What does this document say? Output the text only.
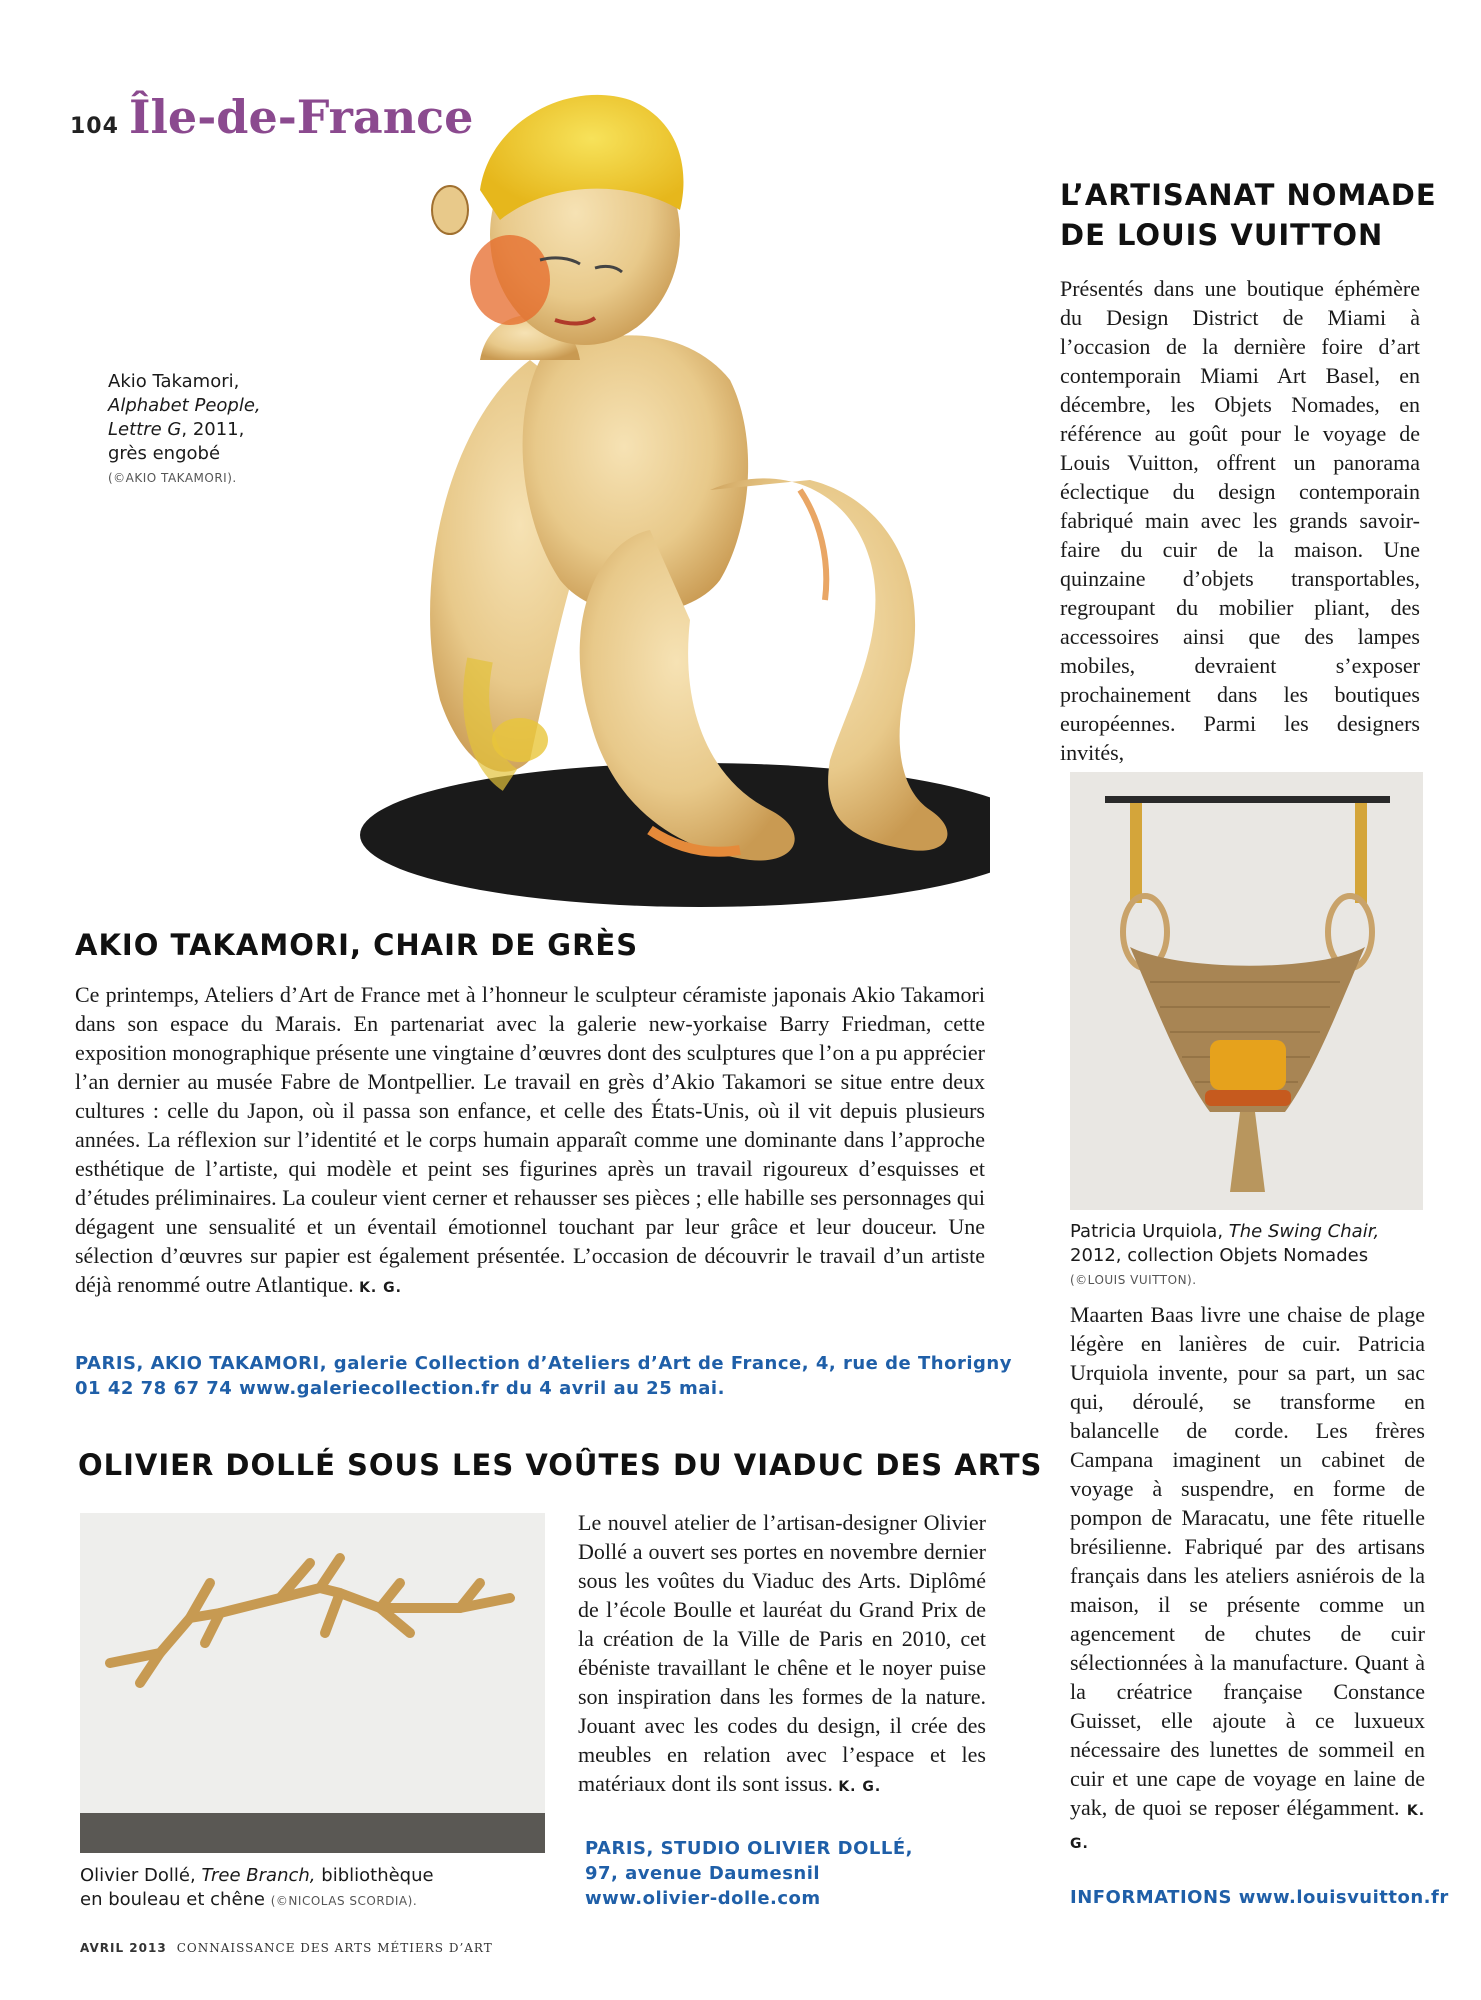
104 Île-de-France
Akio Takamori,
Alphabet People,
Lettre G, 2011,
grès engobé
(©AKIO TAKAMORI).
AKIO TAKAMORI, CHAIR DE GRÈS
Ce printemps, Ateliers d’Art de France met à l’honneur le sculpteur céramiste japonais Akio Takamori dans son espace du Marais. En partenariat avec la galerie new-yorkaise Barry Friedman, cette exposition monographique présente une vingtaine d’œuvres dont des sculptures que l’on a pu apprécier l’an dernier au musée Fabre de Montpellier. Le travail en grès d’Akio Takamori se situe entre deux cultures : celle du Japon, où il passa son enfance, et celle des États-Unis, où il vit depuis plusieurs années. La réflexion sur l’identité et le corps humain apparaît comme une dominante dans l’approche esthétique de l’artiste, qui modèle et peint ses figurines après un travail rigoureux d’esquisses et d’études préliminaires. La couleur vient cerner et rehausser ses pièces ; elle habille ses personnages qui dégagent une sensualité et un éventail émotionnel touchant par leur grâce et leur douceur. Une sélection d’œuvres sur papier est également présentée. L’occasion de découvrir le travail d’un artiste déjà renommé outre Atlantique. K. G.
PARIS, AKIO TAKAMORI, galerie Collection d’Ateliers d’Art de France, 4, rue de Thorigny
01 42 78 67 74 www.galeriecollection.fr du 4 avril au 25 mai.
OLIVIER DOLLÉ SOUS LES VOÛTES DU VIADUC DES ARTS
Olivier Dollé, Tree Branch, bibliothèque
en bouleau et chêne (©NICOLAS SCORDIA).
Le nouvel atelier de l’artisan-designer Olivier Dollé a ouvert ses portes en novembre dernier sous les voûtes du Viaduc des Arts. Diplômé de l’école Boulle et lauréat du Grand Prix de la création de la Ville de Paris en 2010, cet ébéniste travaillant le chêne et le noyer puise son inspiration dans les formes de la nature. Jouant avec les codes du design, il crée des meubles en relation avec l’espace et les matériaux dont ils sont issus. K. G.
PARIS, STUDIO OLIVIER DOLLÉ,
97, avenue Daumesnil
www.olivier-dolle.com
L’ARTISANAT NOMADE
DE LOUIS VUITTON
Présentés dans une boutique éphémère du Design District de Miami à l’occasion de la dernière foire d’art contemporain Miami Art Basel, en décembre, les Objets Nomades, en référence au goût pour le voyage de Louis Vuitton, offrent un panorama éclectique du design contemporain fabriqué main avec les grands savoir-faire du cuir de la maison. Une quinzaine d’objets transportables, regroupant du mobilier pliant, des accessoires ainsi que des lampes mobiles, devraient s’exposer prochainement dans les boutiques européennes. Parmi les designers invités,
Patricia Urquiola, The Swing Chair,
2012, collection Objets Nomades
(©LOUIS VUITTON).
Maarten Baas livre une chaise de plage légère en lanières de cuir. Patricia Urquiola invente, pour sa part, un sac qui, déroulé, se transforme en balancelle de corde. Les frères Campana imaginent un cabinet de voyage à suspendre, en forme de pompon de Maracatu, une fête rituelle brésilienne. Fabriqué par des artisans français dans les ateliers asniérois de la maison, il se présente comme un agencement de chutes de cuir sélectionnées à la manufacture. Quant à la créatrice française Constance Guisset, elle ajoute à ce luxueux nécessaire des lunettes de sommeil en cuir et une cape de voyage en laine de yak, de quoi se reposer élégamment. K. G.
INFORMATIONS www.louisvuitton.fr
AVRIL 2013 CONNAISSANCE DES ARTS MÉTIERS D’ART
